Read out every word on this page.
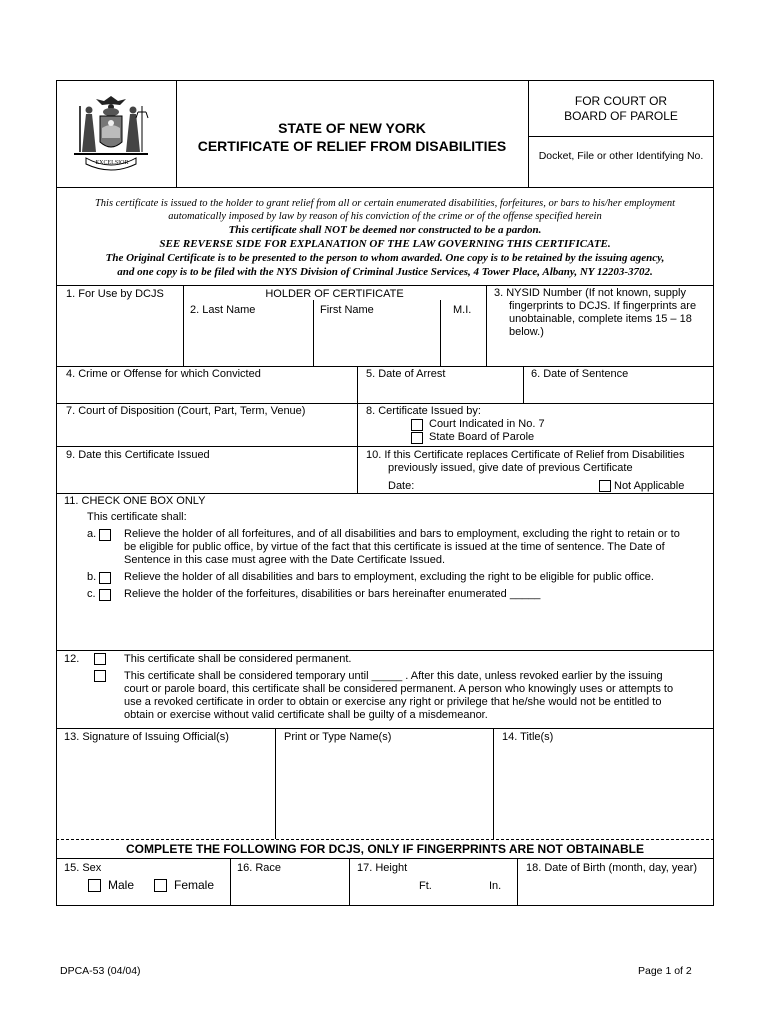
EXCELSIOR
STATE OF NEW YORK
CERTIFICATE OF RELIEF FROM DISABILITIES
FOR COURT OR
BOARD OF PAROLE
Docket, File or other Identifying No.
This certificate is issued to the holder to grant relief from all or certain enumerated disabilities, forfeitures, or bars to his/her employment
automatically imposed by law by reason of his conviction of the crime or of the offense specified herein
This certificate shall NOT be deemed nor constructed to be a pardon.
SEE REVERSE SIDE FOR EXPLANATION OF THE LAW GOVERNING THIS CERTIFICATE.
The Original Certificate is to be presented to the person to whom awarded. One copy is to be retained by the issuing agency,
and one copy is to be filed with the NYS Division of Criminal Justice Services, 4 Tower Place, Albany, NY 12203-3702.
1. For Use by DCJS	HOLDER OF CERTIFICATE
2. Last Name	First Name	M.I.
3. NYSID Number (If not known, supply
fingerprints to DCJS. If fingerprints are
unobtainable, complete items 15 – 18
below.)
4. Crime or Offense for which Convicted	5. Date of Arrest	6. Date of Sentence
7. Court of Disposition (Court, Part, Term, Venue)	8. Certificate Issued by:
Court Indicated in No. 7
State Board of Parole
9. Date this Certificate Issued	10. If this Certificate replaces Certificate of Relief from Disabilities
previously issued, give date of previous Certificate
Date:	Not Applicable
11. CHECK ONE BOX ONLY
This certificate shall:
a.	Relieve the holder of all forfeitures, and of all disabilities and bars to employment, excluding the right to retain or to
be eligible for public office, by virtue of the fact that this certificate is issued at the time of sentence. The Date of
Sentence in this case must agree with the Date Certificate Issued.
b.	Relieve the holder of all disabilities and bars to employment, excluding the right to be eligible for public office.
c.	Relieve the holder of the forfeitures, disabilities or bars hereinafter enumerated _____
12.	This certificate shall be considered permanent.
This certificate shall be considered temporary until _____ . After this date, unless revoked earlier by the issuing
court or parole board, this certificate shall be considered permanent. A person who knowingly uses or attempts to
use a revoked certificate in order to obtain or exercise any right or privilege that he/she would not be entitled to
obtain or exercise without valid certificate shall be guilty of a misdemeanor.
13. Signature of Issuing Official(s)	Print or Type Name(s)	14. Title(s)
COMPLETE THE FOLLOWING FOR DCJS, ONLY IF FINGERPRINTS ARE NOT OBTAINABLE
15. Sex
Male	Female
16. Race	17. Height
Ft.	In.
18. Date of Birth (month, day, year)
DPCA-53 (04/04)	Page 1 of 2
